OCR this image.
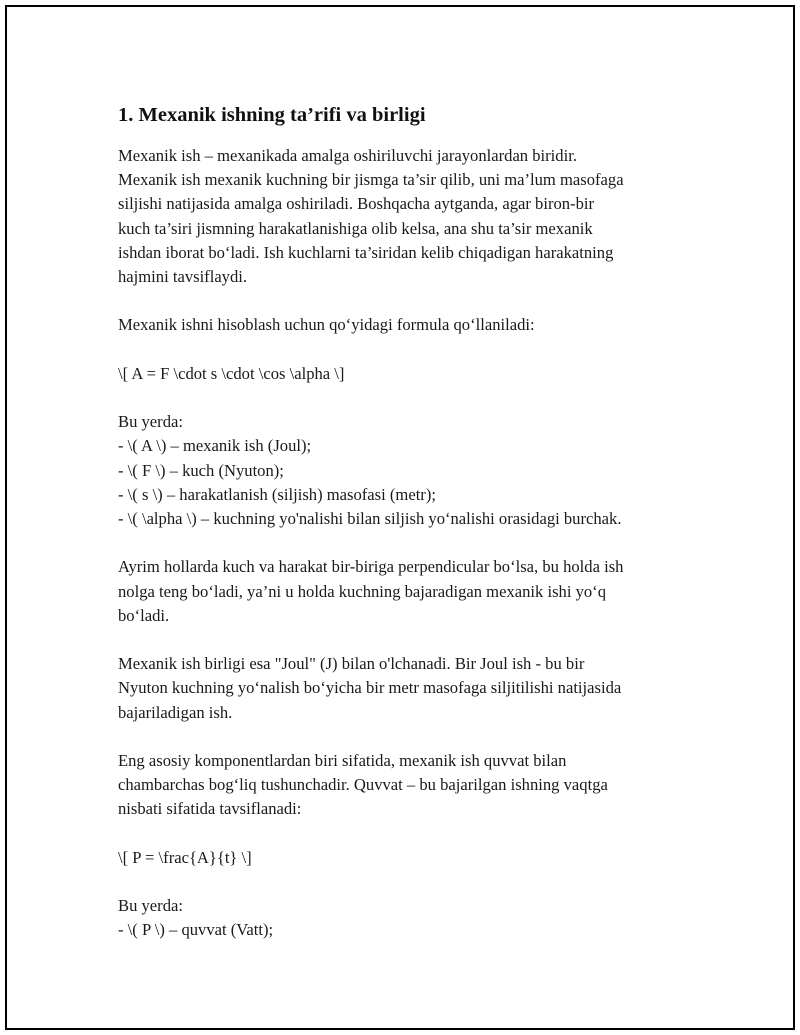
1. Mexanik ishning ta’rifi va birligi

Mexanik ish – mexanikada amalga oshiriluvchi jarayonlardan biridir.
Mexanik ish mexanik kuchning bir jismga ta’sir qilib, uni ma’lum masofaga
siljishi natijasida amalga oshiriladi. Boshqacha aytganda, agar biron-bir
kuch ta’siri jismning harakatlanishiga olib kelsa, ana shu ta’sir mexanik
ishdan iborat bo‘ladi. Ish kuchlarni ta’siridan kelib chiqadigan harakatning
hajmini tavsiflaydi.

Mexanik ishni hisoblash uchun qo‘yidagi formula qo‘llaniladi:

\[ A = F \cdot s \cdot \cos \alpha \]

Bu yerda:
- \( A \) – mexanik ish (Joul);
- \( F \) – kuch (Nyuton);
- \( s \) – harakatlanish (siljish) masofasi (metr);
- \( \alpha \) – kuchning yo'nalishi bilan siljish yo‘nalishi orasidagi burchak.

Ayrim hollarda kuch va harakat bir-biriga perpendicular bo‘lsa, bu holda ish
nolga teng bo‘ladi, ya’ni u holda kuchning bajaradigan mexanik ishi yo‘q
bo‘ladi.

Mexanik ish birligi esa "Joul" (J) bilan o'lchanadi. Bir Joul ish - bu bir
Nyuton kuchning yo‘nalish bo‘yicha bir metr masofaga siljitilishi natijasida
bajariladigan ish.

Eng asosiy komponentlardan biri sifatida, mexanik ish quvvat bilan
chambarchas bog‘liq tushunchadir. Quvvat – bu bajarilgan ishning vaqtga
nisbati sifatida tavsiflanadi:

\[ P = \frac{A}{t} \]

Bu yerda:
- \( P \) – quvvat (Vatt);
